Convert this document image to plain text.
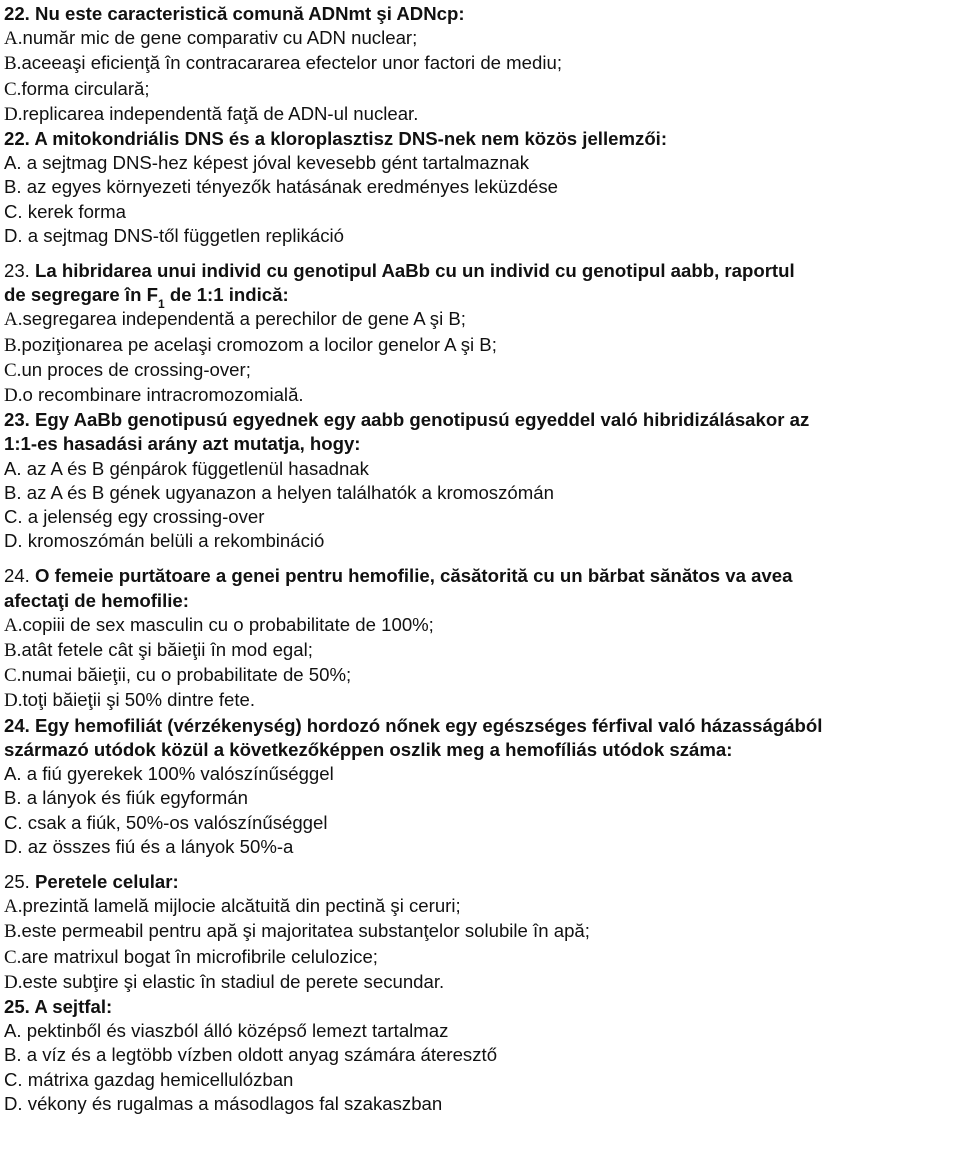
22. Nu este caracteristică comună ADNmt şi ADNcp:
A.număr mic de gene comparativ cu ADN nuclear;
B.aceeaşi eficienţă în contracararea efectelor unor factori de mediu;
C.forma circulară;
D.replicarea independentă faţă de ADN-ul nuclear.
22. A mitokondriális DNS és a kloroplasztisz DNS-nek nem közös jellemzői:
A. a sejtmag DNS-hez képest jóval kevesebb gént tartalmaznak
B. az egyes környezeti tényezők hatásának eredményes leküzdése
C. kerek forma
D. a sejtmag DNS-től független replikáció
23. La hibridarea unui individ cu genotipul AaBb cu un individ cu genotipul aabb, raportul
de segregare în $F_1$ de 1:1 indică:
A.segregarea independentă a perechilor de gene A şi B;
B.poziţionarea pe acelaşi cromozom a locilor genelor A şi B;
C.un proces de crossing-over;
D.o recombinare intracromozomială.
23. Egy AaBb genotipusú egyednek egy aabb genotipusú egyeddel való hibridizálásakor az
1:1-es hasadási arány azt mutatja, hogy:
A. az A és B génpárok függetlenül hasadnak
B. az A és B gének ugyanazon a helyen találhatók a kromoszómán
C. a jelenség egy crossing-over
D. kromoszómán belüli a rekombináció
24. O femeie purtătoare a genei pentru hemofilie, căsătorită cu un bărbat sănătos va avea
afectaţi de hemofilie:
A.copiii de sex masculin cu o probabilitate de 100%;
B.atât fetele cât şi băieţii în mod egal;
C.numai băieţii, cu o probabilitate de 50%;
D.toţi băieţii şi 50% dintre fete.
24. Egy hemofiliát (vérzékenység) hordozó nőnek egy egészséges férfival való házasságából
származó utódok közül a következőképpen oszlik meg a hemofíliás utódok száma:
A. a fiú gyerekek 100% valószínűséggel
B. a lányok és fiúk egyformán
C. csak a fiúk, 50%-os valószínűséggel
D. az összes fiú és a lányok 50%-a
25. Peretele celular:
A.prezintă lamelă mijlocie alcătuită din pectină şi ceruri;
B.este permeabil pentru apă şi majoritatea substanţelor solubile în apă;
C.are matrixul bogat în microfibrile celulozice;
D.este subţire şi elastic în stadiul de perete secundar.
25. A sejtfal:
A. pektinből és viaszból álló középső lemezt tartalmaz
B. a víz és a legtöbb vízben oldott anyag számára áteresztő
C. mátrixa gazdag hemicellulózban
D. vékony és rugalmas a másodlagos fal szakaszban
